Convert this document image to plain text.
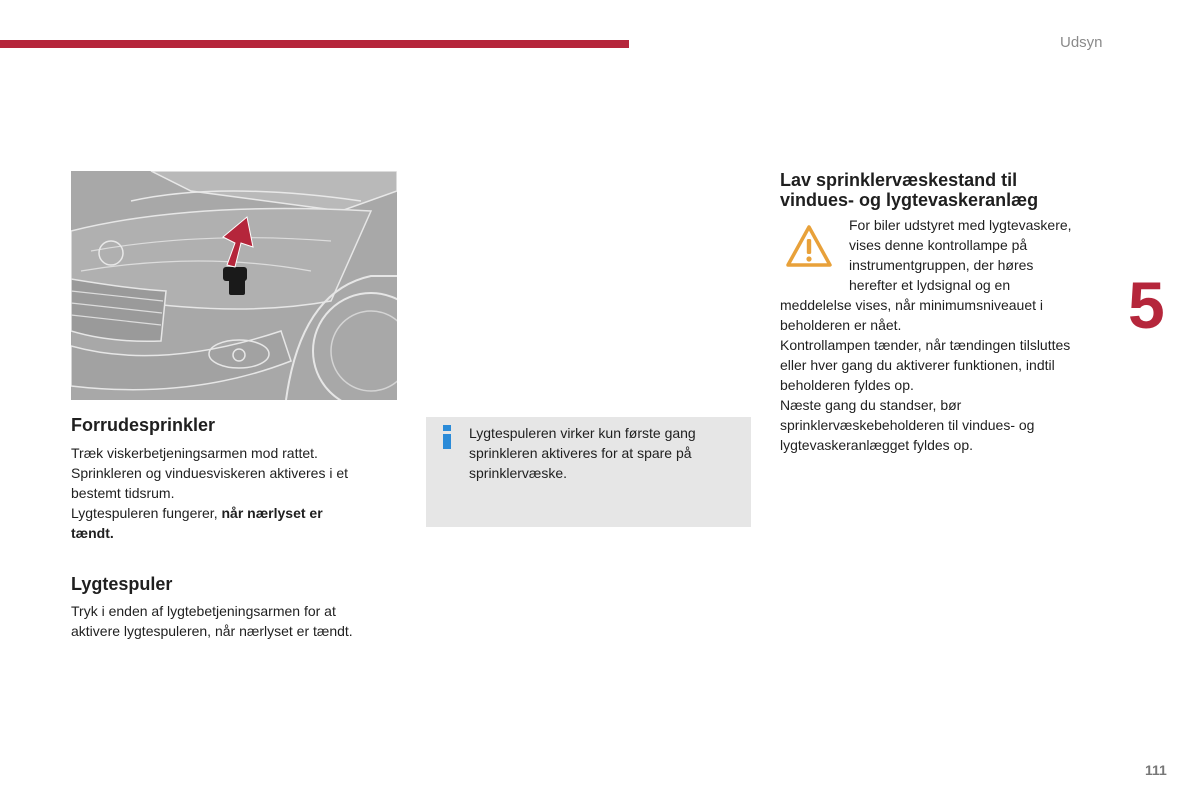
Udsyn
5
111
Forrudesprinkler
Træk viskerbetjeningsarmen mod rattet.
Sprinkleren og vinduesviskeren aktiveres i et
bestemt tidsrum.
Lygtespuleren fungerer, når nærlyset er
tændt.
Lygtespuler
Tryk i enden af lygtebetjeningsarmen for at
aktivere lygtespuleren, når nærlyset er tændt.
Lygtespuleren virker kun første gang
sprinkleren aktiveres for at spare på
sprinklervæske.
Lav sprinklervæskestand til
vindues- og lygtevaskeranlæg
For biler udstyret med lygtevaskere,
vises denne kontrollampe på
instrumentgruppen, der høres
herefter et lydsignal og en
meddelelse vises, når minimumsniveauet i
beholderen er nået.
Kontrollampen tænder, når tændingen tilsluttes
eller hver gang du aktiverer funktionen, indtil
beholderen fyldes op.
Næste gang du standser, bør
sprinklervæskebeholderen til vindues- og
lygtevaskeranlægget fyldes op.
